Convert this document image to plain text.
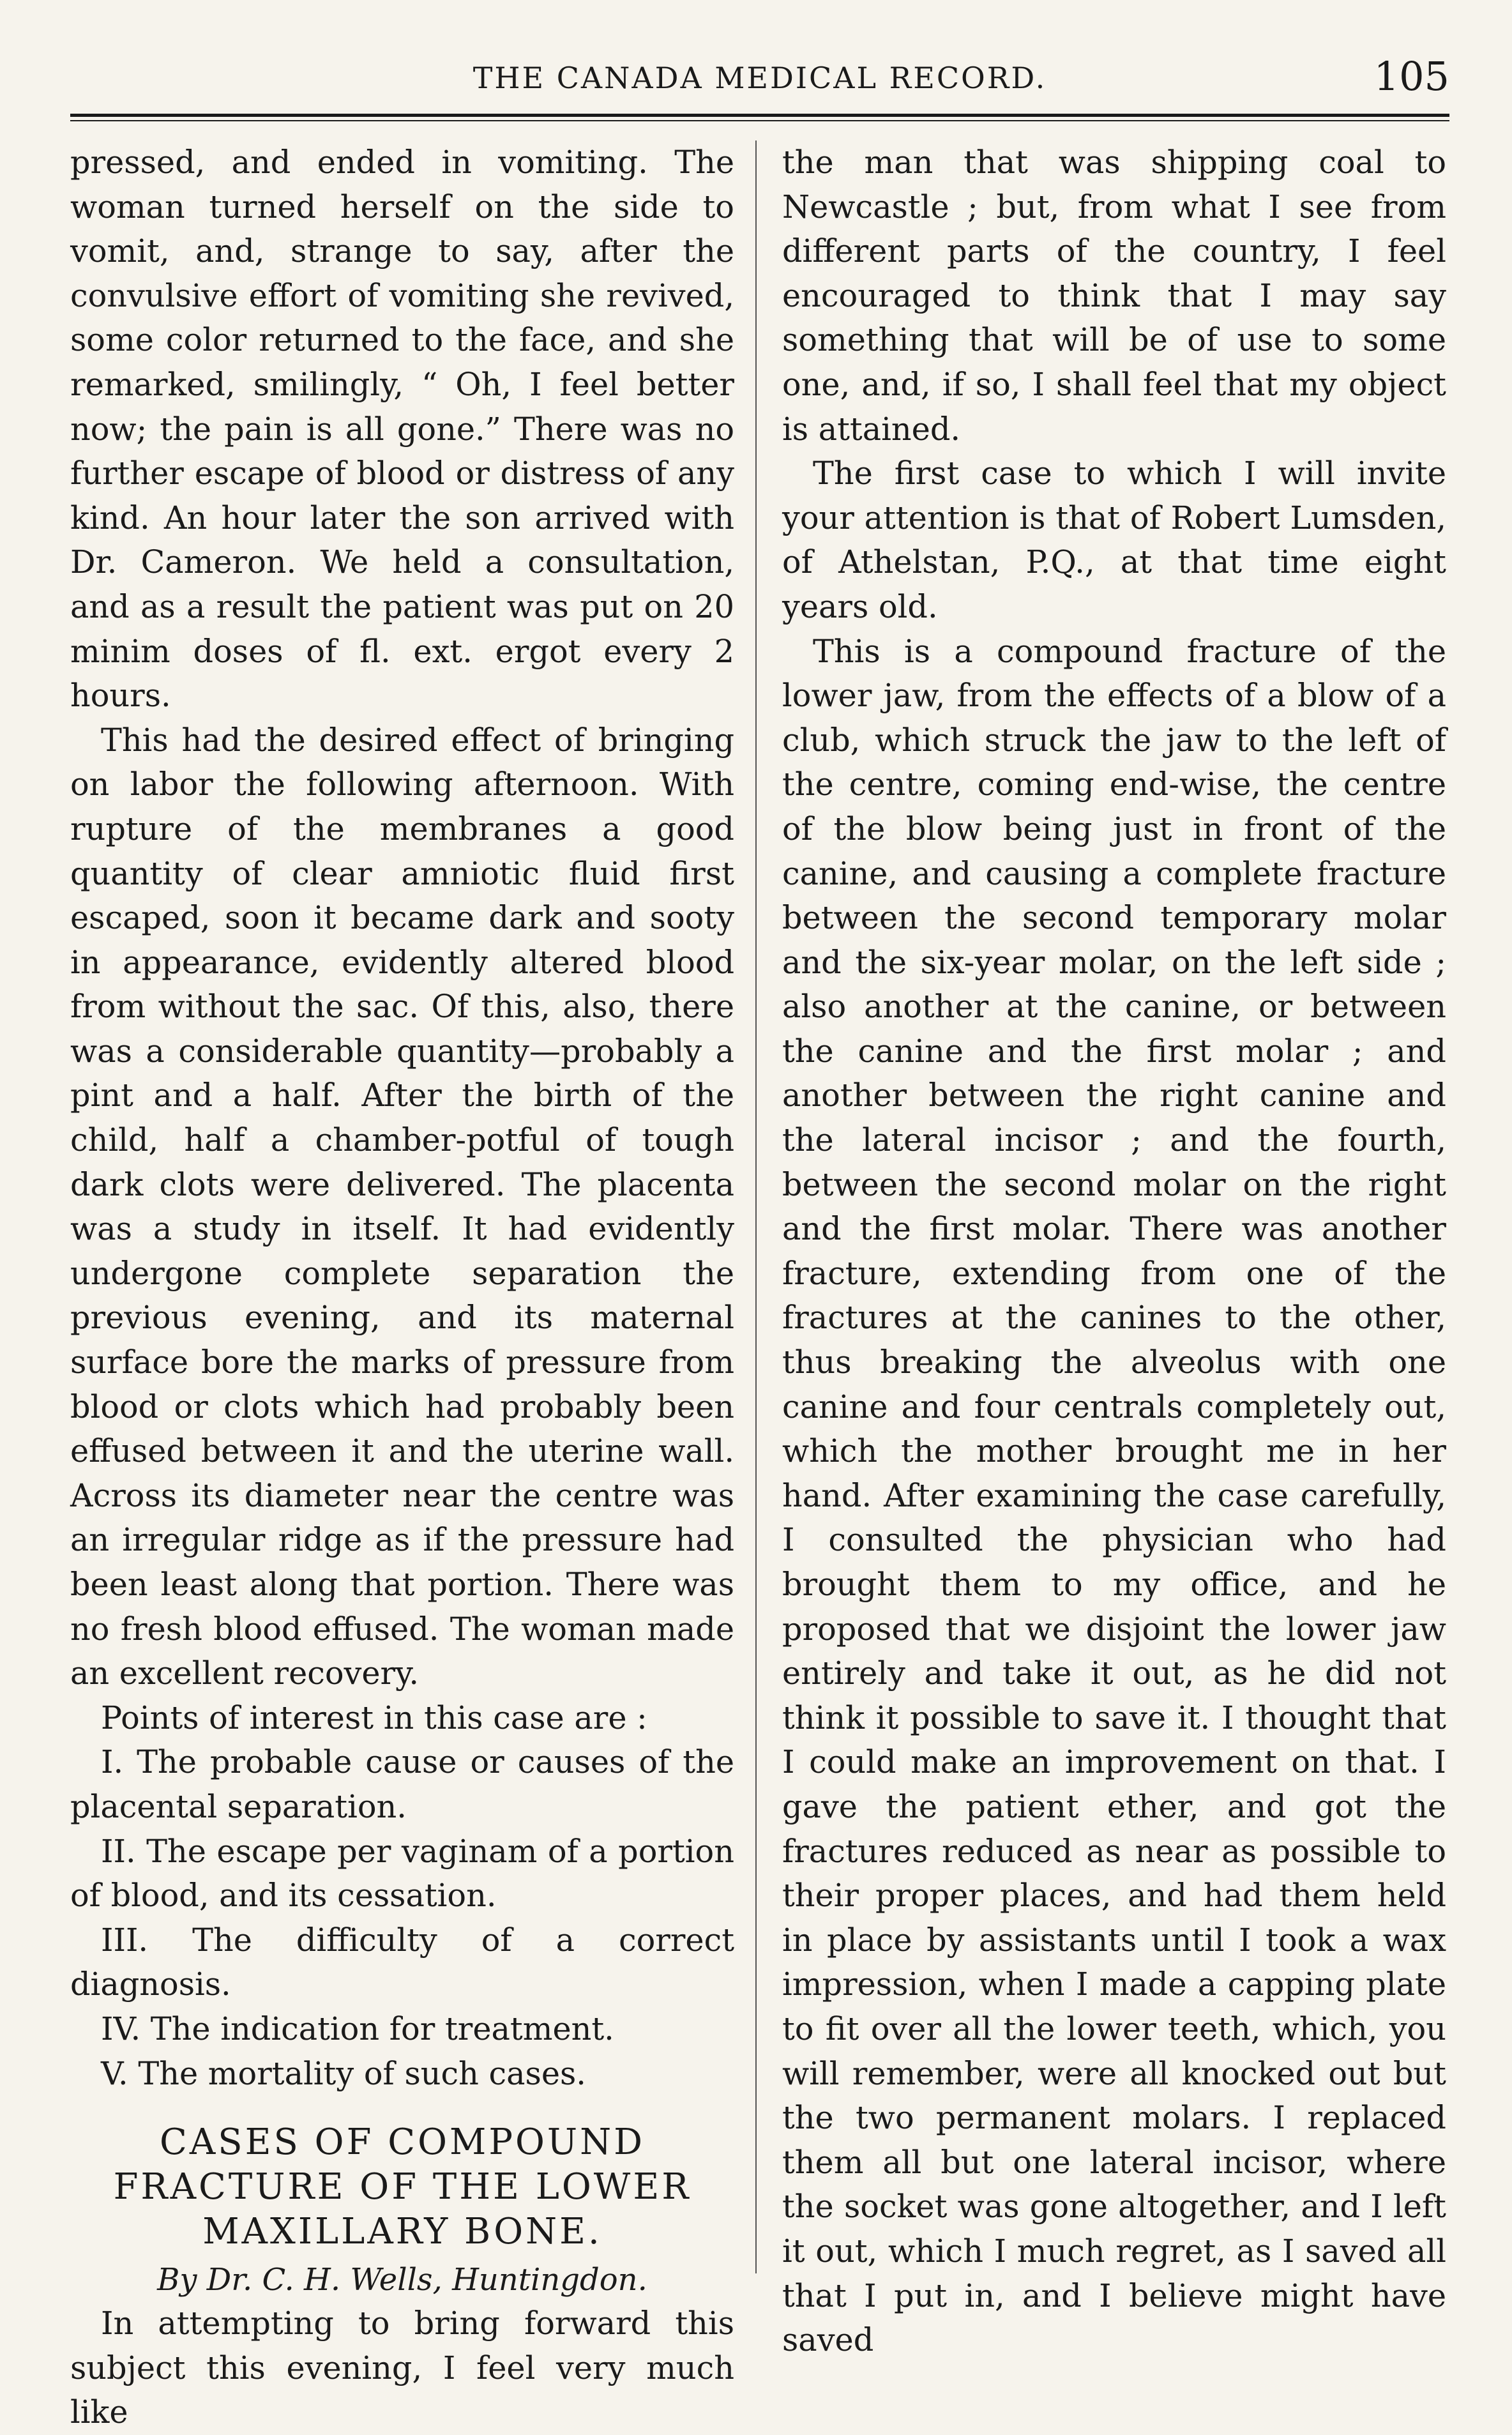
THE CANADA MEDICAL RECORD.	105

pressed, and ended in vomiting. The woman turned herself on the side to vomit, and, strange to say, after the convulsive effort of vomiting she revived, some color returned to the face, and she remarked, smilingly, “ Oh, I feel better now; the pain is all gone.” There was no further escape of blood or distress of any kind. An hour later the son arrived with Dr. Cameron. We held a consultation, and as a result the patient was put on 20 minim doses of fl. ext. ergot every 2 hours.

This had the desired effect of bringing on labor the following afternoon. With rupture of the membranes a good quantity of clear amniotic fluid first escaped, soon it became dark and sooty in appearance, evidently altered blood from without the sac. Of this, also, there was a considerable quantity—probably a pint and a half. After the birth of the child, half a chamber-potful of tough dark clots were delivered. The placenta was a study in itself. It had evidently undergone complete separation the previous evening, and its maternal surface bore the marks of pressure from blood or clots which had probably been effused between it and the uterine wall. Across its diameter near the centre was an irregular ridge as if the pressure had been least along that portion. There was no fresh blood effused. The woman made an excellent recovery.

Points of interest in this case are :

I. The probable cause or causes of the placental separation.

II. The escape per vaginam of a portion of blood, and its cessation.

III. The difficulty of a correct diagnosis.

IV. The indication for treatment.

V. The mortality of such cases.

CASES OF COMPOUND FRACTURE OF THE LOWER MAXILLARY BONE.
By Dr. C. H. Wells, Huntingdon.

In attempting to bring forward this subject this evening, I feel very much like

the man that was shipping coal to Newcastle ; but, from what I see from different parts of the country, I feel encouraged to think that I may say something that will be of use to some one, and, if so, I shall feel that my object is attained.

The first case to which I will invite your attention is that of Robert Lumsden, of Athelstan, P.Q., at that time eight years old.

This is a compound fracture of the lower jaw, from the effects of a blow of a club, which struck the jaw to the left of the centre, coming end-wise, the centre of the blow being just in front of the canine, and causing a complete fracture between the second temporary molar and the six-year molar, on the left side ; also another at the canine, or between the canine and the first molar ; and another between the right canine and the lateral incisor ; and the fourth, between the second molar on the right and the first molar. There was another fracture, extending from one of the fractures at the canines to the other, thus breaking the alveolus with one canine and four centrals completely out, which the mother brought me in her hand. After examining the case carefully, I consulted the physician who had brought them to my office, and he proposed that we disjoint the lower jaw entirely and take it out, as he did not think it possible to save it. I thought that I could make an improvement on that. I gave the patient ether, and got the fractures reduced as near as possible to their proper places, and had them held in place by assistants until I took a wax impression, when I made a capping plate to fit over all the lower teeth, which, you will remember, were all knocked out but the two permanent molars. I replaced them all but one lateral incisor, where the socket was gone altogether, and I left it out, which I much regret, as I saved all that I put in, and I believe might have saved
